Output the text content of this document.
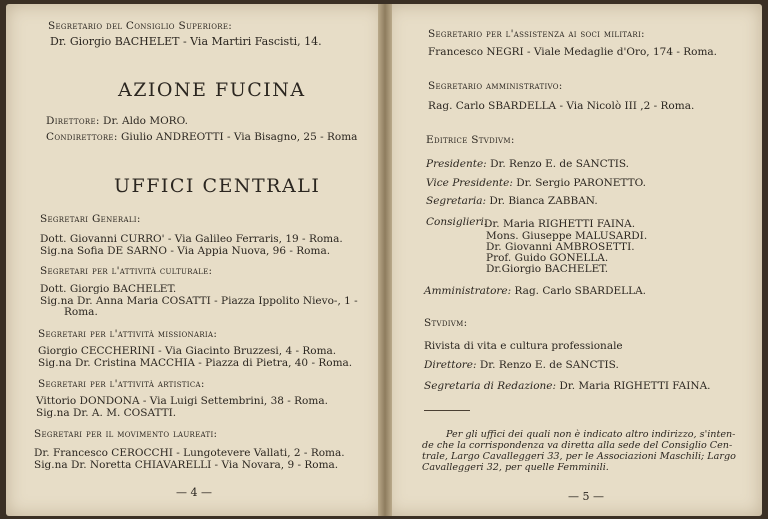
Segretario del Consiglio Superiore:
Dr. Giorgio BACHELET - Via Martiri Fascisti, 14.
AZIONE FUCINA
Direttore: Dr. Aldo MORO.
Condirettore: Giulio ANDREOTTI - Via Bisagno, 25 - Roma
UFFICI CENTRALI
Segretari Generali:
Dott. Giovanni CURRO' - Via Galileo Ferraris, 19 - Roma.
Sig.na Sofia DE SARNO - Via Appia Nuova, 96 - Roma.
Segretari per l'attività culturale:
Dott. Giorgio BACHELET.
Sig.na Dr. Anna Maria COSATTI - Piazza Ippolito Nievo-, 1 -
Roma.
Segretari per l'attività missionaria:
Giorgio CECCHERINI - Via Giacinto Bruzzesi, 4 - Roma.
Sig.na Dr. Cristina MACCHIA - Piazza di Pietra, 40 - Roma.
Segretari per l'attività artistica:
Vittorio DONDONA - Via Luigi Settembrini, 38 - Roma.
Sig.na Dr. A. M. COSATTI.
Segretari per il movimento laureati:
Dr. Francesco CEROCCHI - Lungotevere Vallati, 2 - Roma.
Sig.na Dr. Noretta CHIAVARELLI - Via Novara, 9 - Roma.
— 4 —
Segretario per l'assistenza ai soci militari:
Francesco NEGRI - Viale Medaglie d'Oro, 174 - Roma.
Segretario amministrativo:
Rag. Carlo SBARDELLA - Via Nicolò III ,2 - Roma.
Editrice Stvdivm:
Presidente: Dr. Renzo E. de SANCTIS.
Vice Presidente: Dr. Sergio PARONETTO.
Segretaria: Dr. Bianca ZABBAN.
Consiglieri:
Dr. Maria RIGHETTI FAINA.
Mons. Giuseppe MALUSARDI.
Dr. Giovanni AMBROSETTI.
Prof. Guido GONELLA.
Dr.Giorgio BACHELET.
Amministratore: Rag. Carlo SBARDELLA.
Stvdivm:
Rivista di vita e cultura professionale
Direttore: Dr. Renzo E. de SANCTIS.
Segretaria di Redazione: Dr. Maria RIGHETTI FAINA.
Per gli uffici dei quali non è indicato altro indirizzo, s'inten-
de che la corrispondenza va diretta alla sede del Consiglio Cen-
trale, Largo Cavalleggeri 33, per le Associazioni Maschili; Largo
Cavalleggeri 32, per quelle Femminili.
— 5 —
